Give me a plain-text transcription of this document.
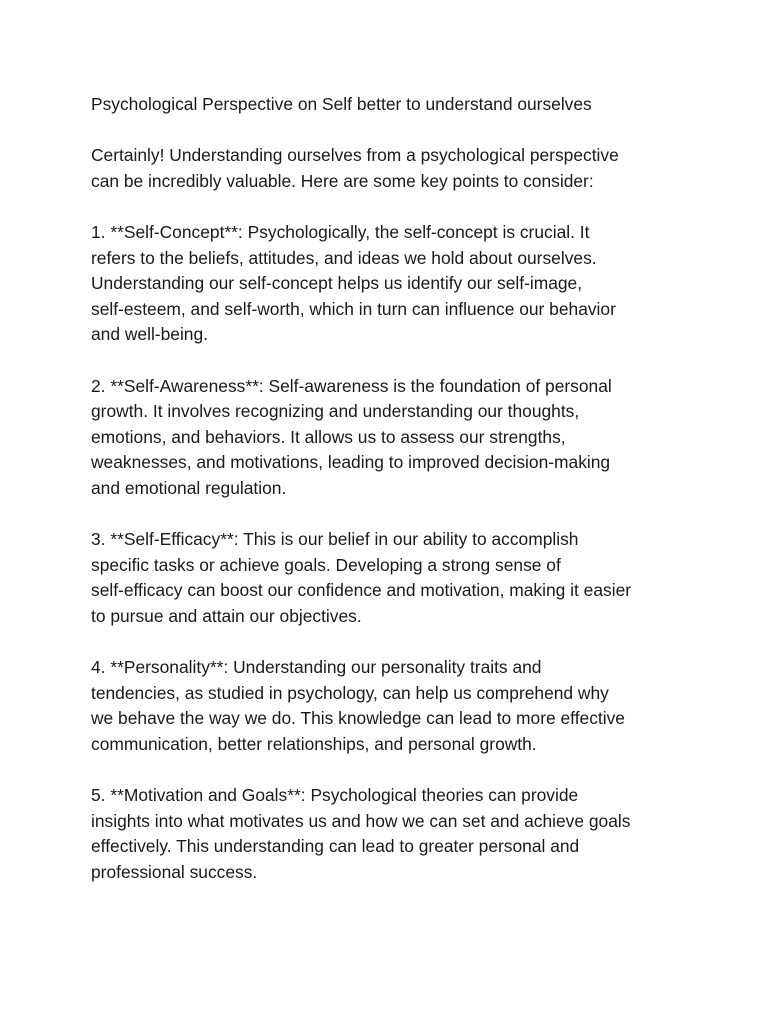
Psychological Perspective on Self better to understand ourselves

Certainly! Understanding ourselves from a psychological perspective
can be incredibly valuable. Here are some key points to consider:

1. **Self-Concept**: Psychologically, the self-concept is crucial. It
refers to the beliefs, attitudes, and ideas we hold about ourselves.
Understanding our self-concept helps us identify our self-image,
self-esteem, and self-worth, which in turn can influence our behavior
and well-being.

2. **Self-Awareness**: Self-awareness is the foundation of personal
growth. It involves recognizing and understanding our thoughts,
emotions, and behaviors. It allows us to assess our strengths,
weaknesses, and motivations, leading to improved decision-making
and emotional regulation.

3. **Self-Efficacy**: This is our belief in our ability to accomplish
specific tasks or achieve goals. Developing a strong sense of
self-efficacy can boost our confidence and motivation, making it easier
to pursue and attain our objectives.

4. **Personality**: Understanding our personality traits and
tendencies, as studied in psychology, can help us comprehend why
we behave the way we do. This knowledge can lead to more effective
communication, better relationships, and personal growth.

5. **Motivation and Goals**: Psychological theories can provide
insights into what motivates us and how we can set and achieve goals
effectively. This understanding can lead to greater personal and
professional success.
